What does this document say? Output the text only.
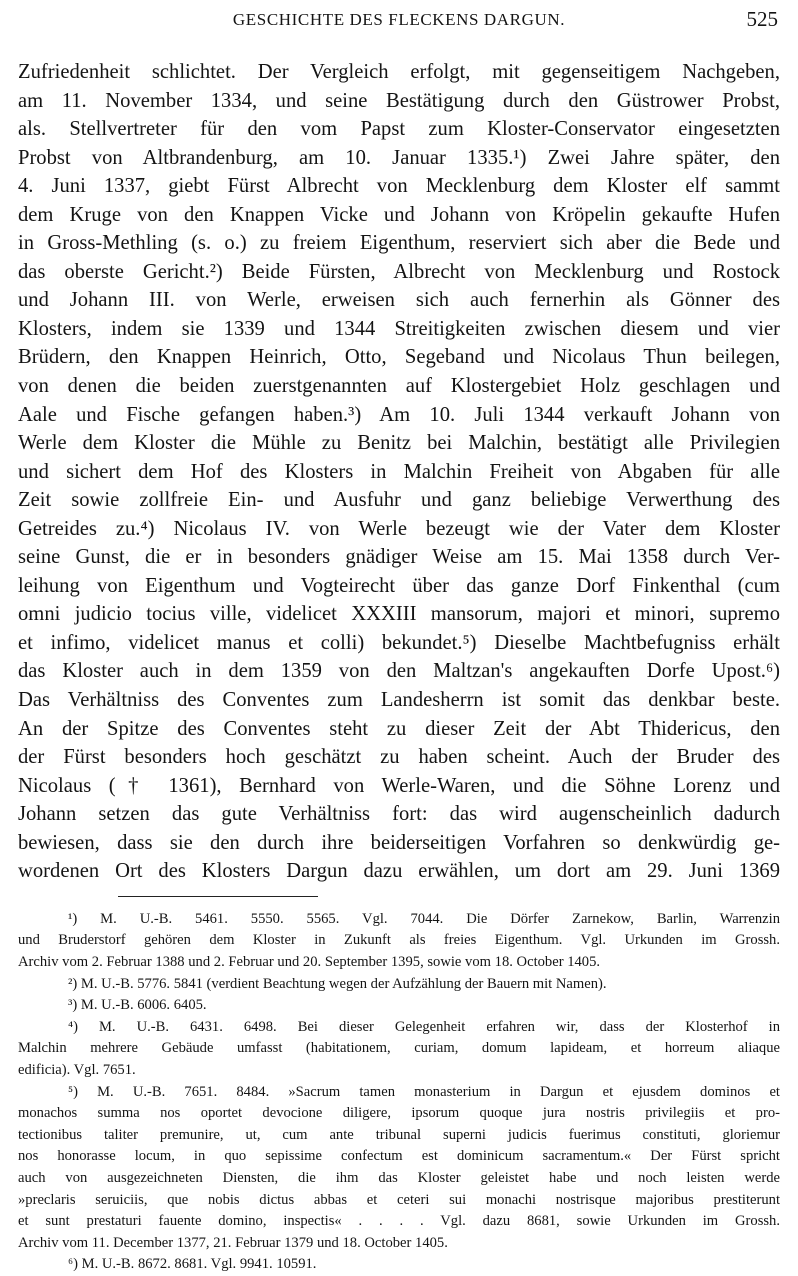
GESCHICHTE DES FLECKENS DARGUN.	525
Zufriedenheit schlichtet. Der Vergleich erfolgt, mit gegenseitigem Nachgeben,
am 11. November 1334, und seine Bestätigung durch den Güstrower Probst,
als. Stellvertreter für den vom Papst zum Kloster-Conservator eingesetzten
Probst von Altbrandenburg, am 10. Januar 1335.¹) Zwei Jahre später, den
4. Juni 1337, giebt Fürst Albrecht von Mecklenburg dem Kloster elf sammt
dem Kruge von den Knappen Vicke und Johann von Kröpelin gekaufte Hufen
in Gross-Methling (s. o.) zu freiem Eigenthum, reserviert sich aber die Bede und
das oberste Gericht.²) Beide Fürsten, Albrecht von Mecklenburg und Rostock
und Johann III. von Werle, erweisen sich auch fernerhin als Gönner des
Klosters, indem sie 1339 und 1344 Streitigkeiten zwischen diesem und vier
Brüdern, den Knappen Heinrich, Otto, Segeband und Nicolaus Thun beilegen,
von denen die beiden zuerstgenannten auf Klostergebiet Holz geschlagen und
Aale und Fische gefangen haben.³) Am 10. Juli 1344 verkauft Johann von
Werle dem Kloster die Mühle zu Benitz bei Malchin, bestätigt alle Privilegien
und sichert dem Hof des Klosters in Malchin Freiheit von Abgaben für alle
Zeit sowie zollfreie Ein- und Ausfuhr und ganz beliebige Verwerthung des
Getreides zu.⁴) Nicolaus IV. von Werle bezeugt wie der Vater dem Kloster
seine Gunst, die er in besonders gnädiger Weise am 15. Mai 1358 durch Ver-
leihung von Eigenthum und Vogteirecht über das ganze Dorf Finkenthal (cum
omni judicio tocius ville, videlicet XXXIII mansorum, majori et minori, supremo
et infimo, videlicet manus et colli) bekundet.⁵) Dieselbe Machtbefugniss erhält
das Kloster auch in dem 1359 von den Maltzan's angekauften Dorfe Upost.⁶)
Das Verhältniss des Conventes zum Landesherrn ist somit das denkbar beste.
An der Spitze des Conventes steht zu dieser Zeit der Abt Thidericus, den
der Fürst besonders hoch geschätzt zu haben scheint. Auch der Bruder des
Nicolaus († 1361), Bernhard von Werle-Waren, und die Söhne Lorenz und
Johann setzen das gute Verhältniss fort: das wird augenscheinlich dadurch
bewiesen, dass sie den durch ihre beiderseitigen Vorfahren so denkwürdig ge-
wordenen Ort des Klosters Dargun dazu erwählen, um dort am 29. Juni 1369
¹) M. U.-B. 5461. 5550. 5565. Vgl. 7044. Die Dörfer Zarnekow, Barlin, Warrenzin
und Bruderstorf gehören dem Kloster in Zukunft als freies Eigenthum. Vgl. Urkunden im Grossh.
Archiv vom 2. Februar 1388 und 2. Februar und 20. September 1395, sowie vom 18. October 1405.
²) M. U.-B. 5776. 5841 (verdient Beachtung wegen der Aufzählung der Bauern mit Namen).
³) M. U.-B. 6006. 6405.
⁴) M. U.-B. 6431. 6498. Bei dieser Gelegenheit erfahren wir, dass der Klosterhof in
Malchin mehrere Gebäude umfasst (habitationem, curiam, domum lapideam, et horreum aliaque
edificia). Vgl. 7651.
⁵) M. U.-B. 7651. 8484. »Sacrum tamen monasterium in Dargun et ejusdem dominos et
monachos summa nos oportet devocione diligere, ipsorum quoque jura nostris privilegiis et pro-
tectionibus taliter premunire, ut, cum ante tribunal superni judicis fuerimus constituti, gloriemur
nos honorasse locum, in quo sepissime confectum est dominicum sacramentum.« Der Fürst spricht
auch von ausgezeichneten Diensten, die ihm das Kloster geleistet habe und noch leisten werde
»preclaris seruiciis, que nobis dictus abbas et ceteri sui monachi nostrisque majoribus prestiterunt
et sunt prestaturi fauente domino, inspectis« . . . . Vgl. dazu 8681, sowie Urkunden im Grossh.
Archiv vom 11. December 1377, 21. Februar 1379 und 18. October 1405.
⁶) M. U.-B. 8672. 8681. Vgl. 9941. 10591.
